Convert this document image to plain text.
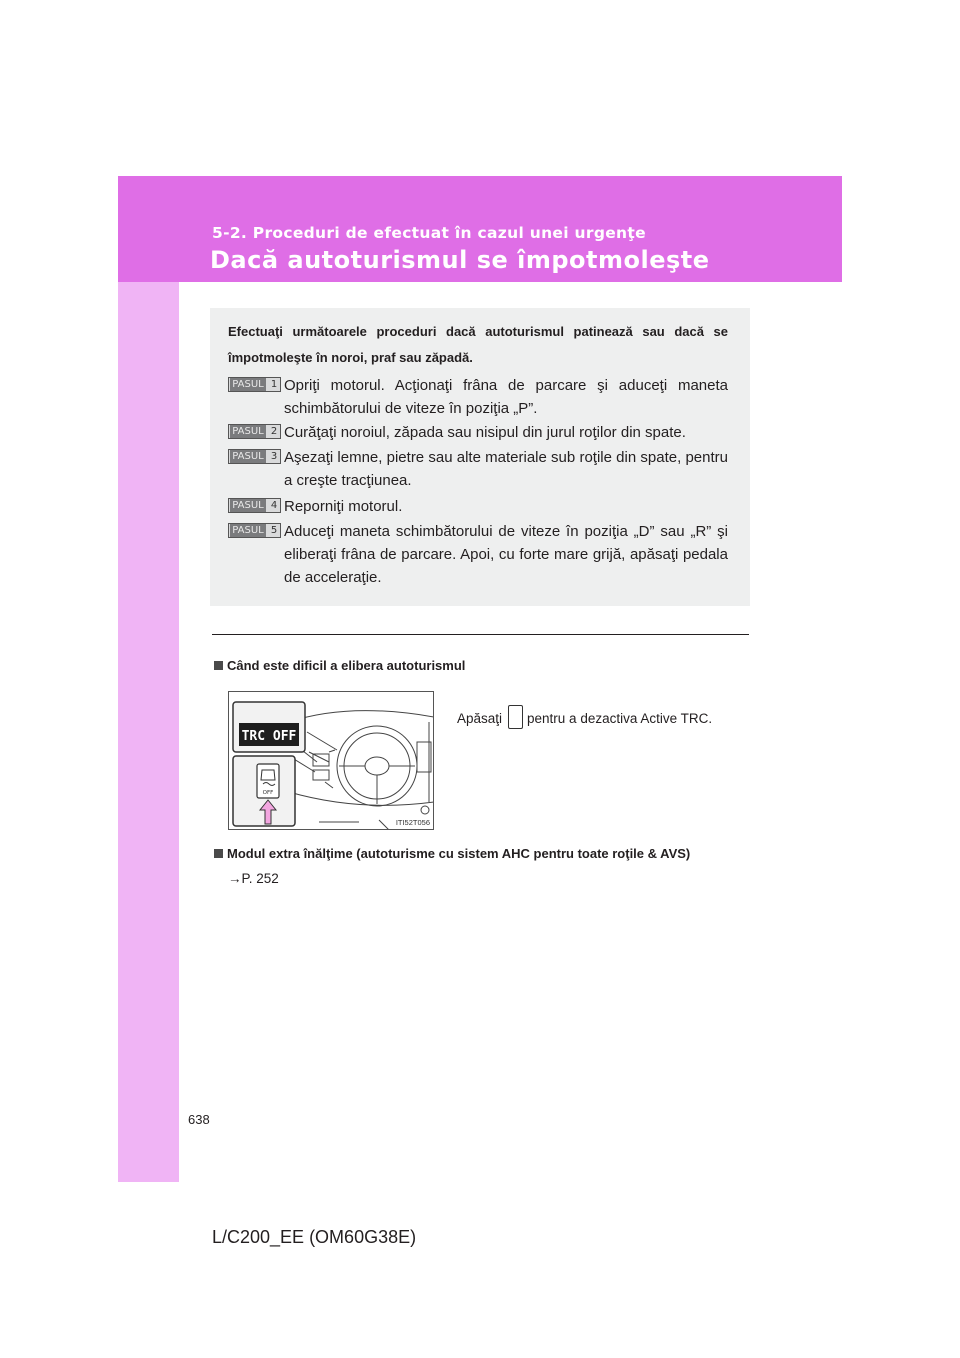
5-2. Proceduri de efectuat în cazul unei urgenţe
Dacă autoturismul se împotmoleşte
Efectuaţi următoarele proceduri dacă autoturismul patinează sau dacă se împotmoleşte în noroi, praf sau zăpadă.
PASUL 1 Opriţi motorul. Acţionaţi frâna de parcare şi aduceţi maneta schimbătorului de viteze în poziţia „P”.
PASUL 2 Curăţaţi noroiul, zăpada sau nisipul din jurul roţilor din spate.
PASUL 3 Aşezaţi lemne, pietre sau alte materiale sub roţile din spate, pentru a creşte tracţiunea.
PASUL 4 Reporniţi motorul.
PASUL 5 Aduceţi maneta schimbătorului de viteze în poziţia „D” sau „R” şi eliberaţi frâna de parcare. Apoi, cu forte mare grijă, apăsaţi pedala de acceleraţie.
Când este dificil a elibera autoturismul
TRC OFF
OFF
ITI52T056
Apăsaţi pentru a dezactiva Active TRC.
Modul extra înălţime (autoturisme cu sistem AHC pentru toate roţile & AVS)
→P. 252
638
L/C200_EE (OM60G38E)
